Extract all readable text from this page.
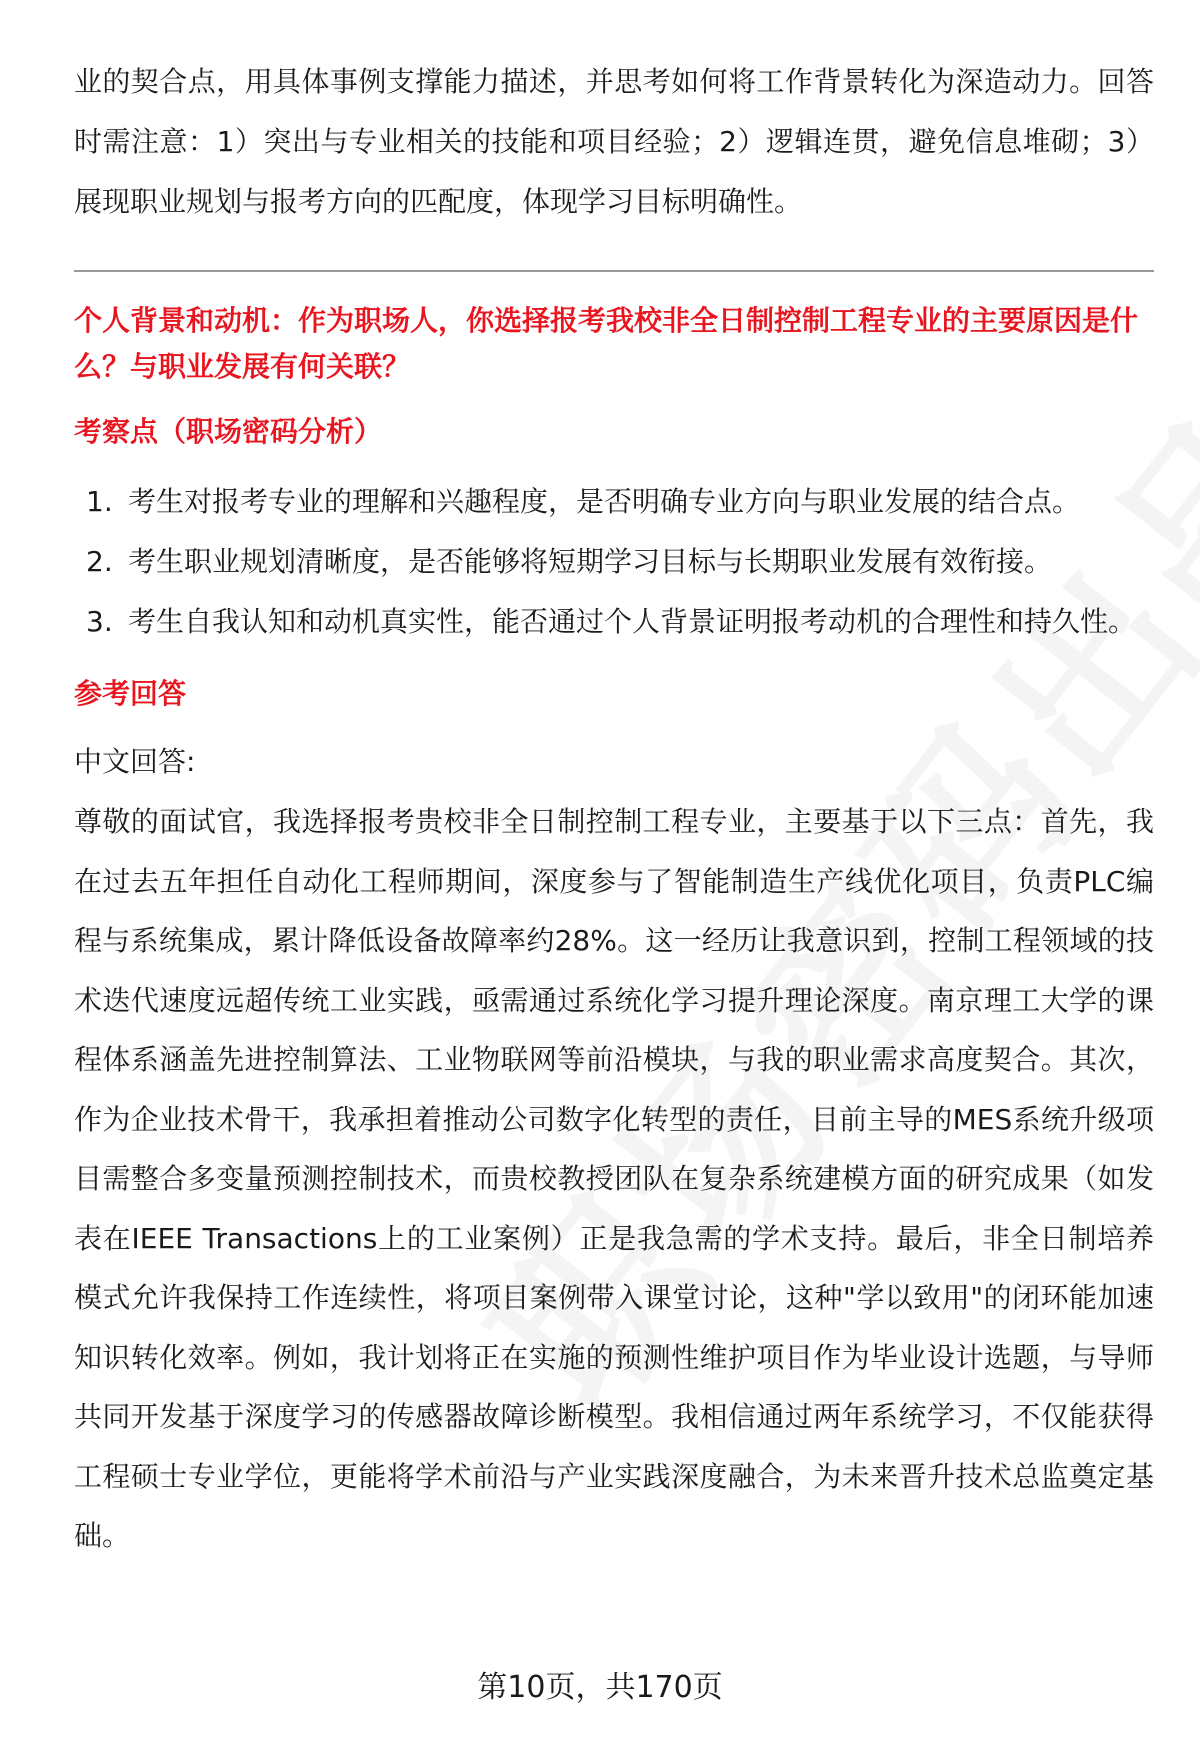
业的契合点，用具体事例支撑能力描述，并思考如何将工作背景转化为深造动力。回答时需注意：1）突出与专业相关的技能和项目经验；2）逻辑连贯，避免信息堆砌；3）展现职业规划与报考方向的匹配度，体现学习目标明确性。

个人背景和动机：作为职场人，你选择报考我校非全日制控制工程专业的主要原因是什么？与职业发展有何关联？

考察点（职场密码分析）

1. 考生对报考专业的理解和兴趣程度，是否明确专业方向与职业发展的结合点。
2. 考生职业规划清晰度，是否能够将短期学习目标与长期职业发展有效衔接。
3. 考生自我认知和动机真实性，能否通过个人背景证明报考动机的合理性和持久性。

参考回答

中文回答:

尊敬的面试官，我选择报考贵校非全日制控制工程专业，主要基于以下三点：首先，我在过去五年担任自动化工程师期间，深度参与了智能制造生产线优化项目，负责PLC编程与系统集成，累计降低设备故障率约28%。这一经历让我意识到，控制工程领域的技术迭代速度远超传统工业实践，亟需通过系统化学习提升理论深度。南京理工大学的课程体系涵盖先进控制算法、工业物联网等前沿模块，与我的职业需求高度契合。其次，作为企业技术骨干，我承担着推动公司数字化转型的责任，目前主导的MES系统升级项目需整合多变量预测控制技术，而贵校教授团队在复杂系统建模方面的研究成果（如发表在IEEE Transactions上的工业案例）正是我急需的学术支持。最后，非全日制培养模式允许我保持工作连续性，将项目案例带入课堂讨论，这种"学以致用"的闭环能加速知识转化效率。例如，我计划将正在实施的预测性维护项目作为毕业设计选题，与导师共同开发基于深度学习的传感器故障诊断模型。我相信通过两年系统学习，不仅能获得工程硕士专业学位，更能将学术前沿与产业实践深度融合，为未来晋升技术总监奠定基础。

第10页，共170页
